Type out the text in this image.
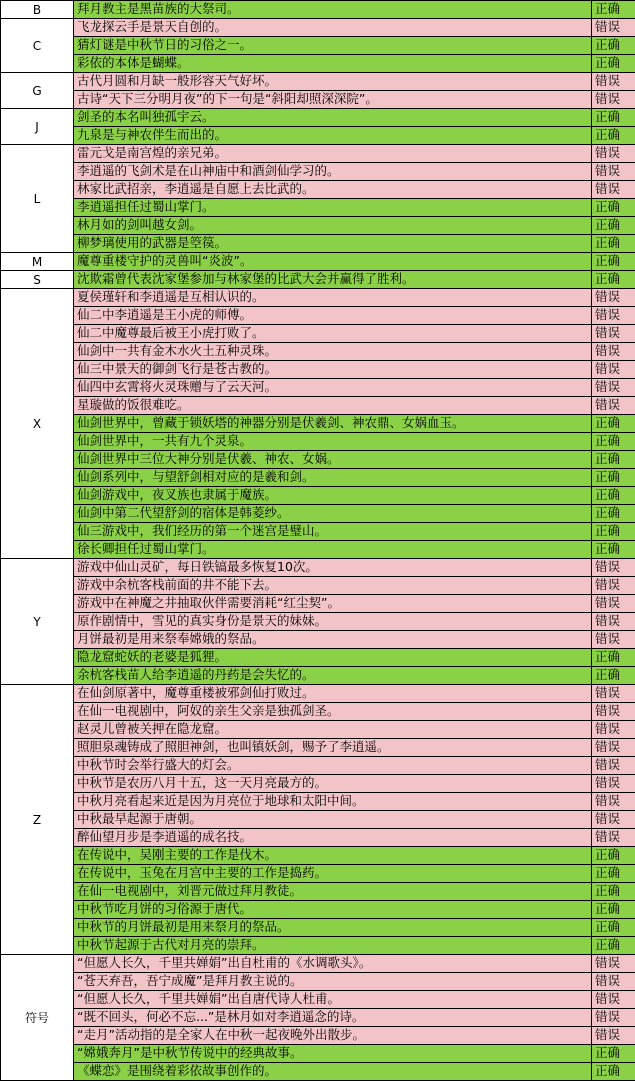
B	拜月教主是黑苗族的大祭司。	正确
C	飞龙探云手是景天自创的。	错误
	猜灯谜是中秋节日的习俗之一。	正确
	彩依的本体是蝴蝶。	正确
G	古代月圆和月缺一般形容天气好坏。	错误
	古诗“天下三分明月夜”的下一句是“斜阳却照深深院”。	错误
J	剑圣的本名叫独孤宇云。	正确
	九泉是与神农伴生而出的。	正确
L	雷元戈是南宫煌的亲兄弟。	错误
	李逍遥的飞剑术是在山神庙中和酒剑仙学习的。	错误
	林家比武招亲，李逍遥是自愿上去比武的。	错误
	李逍遥担任过蜀山掌门。	正确
	林月如的剑叫越女剑。	正确
	柳梦璃使用的武器是箜篌。	正确
M	魔尊重楼守护的灵兽叫“炎波”。	正确
S	沈欺霜曾代表沈家堡参加与林家堡的比武大会并赢得了胜利。	正确
X	夏侯瑾轩和李逍遥是互相认识的。	错误
	仙二中李逍遥是王小虎的师傅。	错误
	仙二中魔尊最后被王小虎打败了。	错误
	仙剑中一共有金木水火土五种灵珠。	错误
	仙三中景天的御剑飞行是苍古教的。	错误
	仙四中玄霄将火灵珠赠与了云天河。	错误
	星璇做的饭很难吃。	错误
	仙剑世界中，曾藏于锁妖塔的神器分别是伏羲剑、神农鼎、女娲血玉。	正确
	仙剑世界中，一共有九个灵泉。	正确
	仙剑世界中三位大神分别是伏羲、神农、女娲。	正确
	仙剑系列中，与望舒剑相对应的是羲和剑。	正确
	仙剑游戏中，夜叉族也隶属于魔族。	正确
	仙剑中第二代望舒剑的宿体是韩菱纱。	正确
	仙三游戏中，我们经历的第一个迷宫是璧山。	正确
	徐长卿担任过蜀山掌门。	正确
Y	游戏中仙山灵矿，每日铁镐最多恢复10次。	错误
	游戏中余杭客栈前面的井不能下去。	错误
	游戏中在神魔之井抽取伙伴需要消耗“红尘契”。	错误
	原作剧情中，雪见的真实身份是景天的妹妹。	错误
	月饼最初是用来祭奉嫦娥的祭品。	错误
	隐龙窟蛇妖的老婆是狐狸。	正确
	余杭客栈苗人给李逍遥的丹药是会失忆的。	正确
Z	在仙剑原著中，魔尊重楼被邪剑仙打败过。	错误
	在仙一电视剧中，阿奴的亲生父亲是独孤剑圣。	错误
	赵灵儿曾被关押在隐龙窟。	错误
	照胆泉魂铸成了照胆神剑，也叫镇妖剑，赐予了李逍遥。	错误
	中秋节时会举行盛大的灯会。	错误
	中秋节是农历八月十五，这一天月亮最方的。	错误
	中秋月亮看起来近是因为月亮位于地球和太阳中间。	错误
	中秋最早起源于唐朝。	错误
	醉仙望月步是李逍遥的成名技。	错误
	在传说中，吴刚主要的工作是伐木。	正确
	在传说中，玉兔在月宫中主要的工作是捣药。	正确
	在仙一电视剧中，刘晋元做过拜月教徒。	正确
	中秋节吃月饼的习俗源于唐代。	正确
	中秋节的月饼最初是用来祭月的祭品。	正确
	中秋节起源于古代对月亮的崇拜。	正确
符号	“但愿人长久，千里共婵娟”出自杜甫的《水调歌头》。	错误
	“苍天弃吾，吾宁成魔”是拜月教主说的。	错误
	“但愿人长久，千里共婵娟”出自唐代诗人杜甫。	错误
	“既不回头，何必不忘...”是林月如对李逍遥念的诗。	错误
	“走月”活动指的是全家人在中秋一起夜晚外出散步。	错误
	“嫦娥奔月”是中秋节传说中的经典故事。	正确
	《蝶恋》是围绕着彩依故事创作的。	正确
